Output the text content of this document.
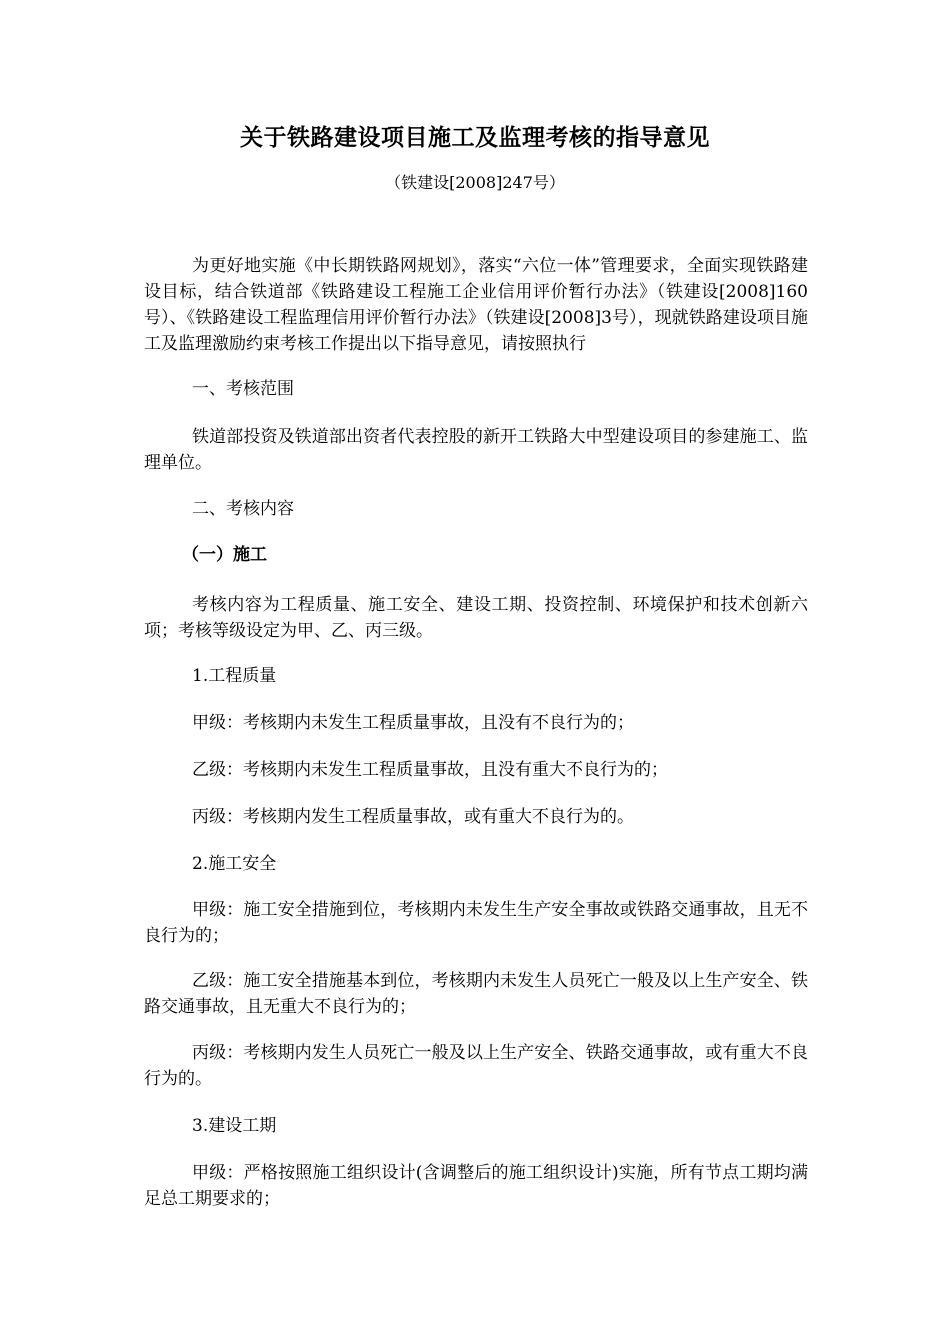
关于铁路建设项目施工及监理考核的指导意见
（铁建设[2008]247号）

为更好地实施《中长期铁路网规划》，落实“六位一体”管理要求，全面实现铁路建设目标，结合铁道部《铁路建设工程施工企业信用评价暂行办法》（铁建设[2008]160号）、《铁路建设工程监理信用评价暂行办法》（铁建设[2008]3号），现就铁路建设项目施工及监理激励约束考核工作提出以下指导意见，请按照执行

一、考核范围

铁道部投资及铁道部出资者代表控股的新开工铁路大中型建设项目的参建施工、监理单位。

二、考核内容

（一）施工

考核内容为工程质量、施工安全、建设工期、投资控制、环境保护和技术创新六项；考核等级设定为甲、乙、丙三级。

1.工程质量

甲级：考核期内未发生工程质量事故，且没有不良行为的；

乙级：考核期内未发生工程质量事故，且没有重大不良行为的；

丙级：考核期内发生工程质量事故，或有重大不良行为的。

2.施工安全

甲级：施工安全措施到位，考核期内未发生生产安全事故或铁路交通事故，且无不良行为的；

乙级：施工安全措施基本到位，考核期内未发生人员死亡一般及以上生产安全、铁路交通事故，且无重大不良行为的；

丙级：考核期内发生人员死亡一般及以上生产安全、铁路交通事故，或有重大不良行为的。

3.建设工期

甲级：严格按照施工组织设计(含调整后的施工组织设计)实施，所有节点工期均满足总工期要求的；
